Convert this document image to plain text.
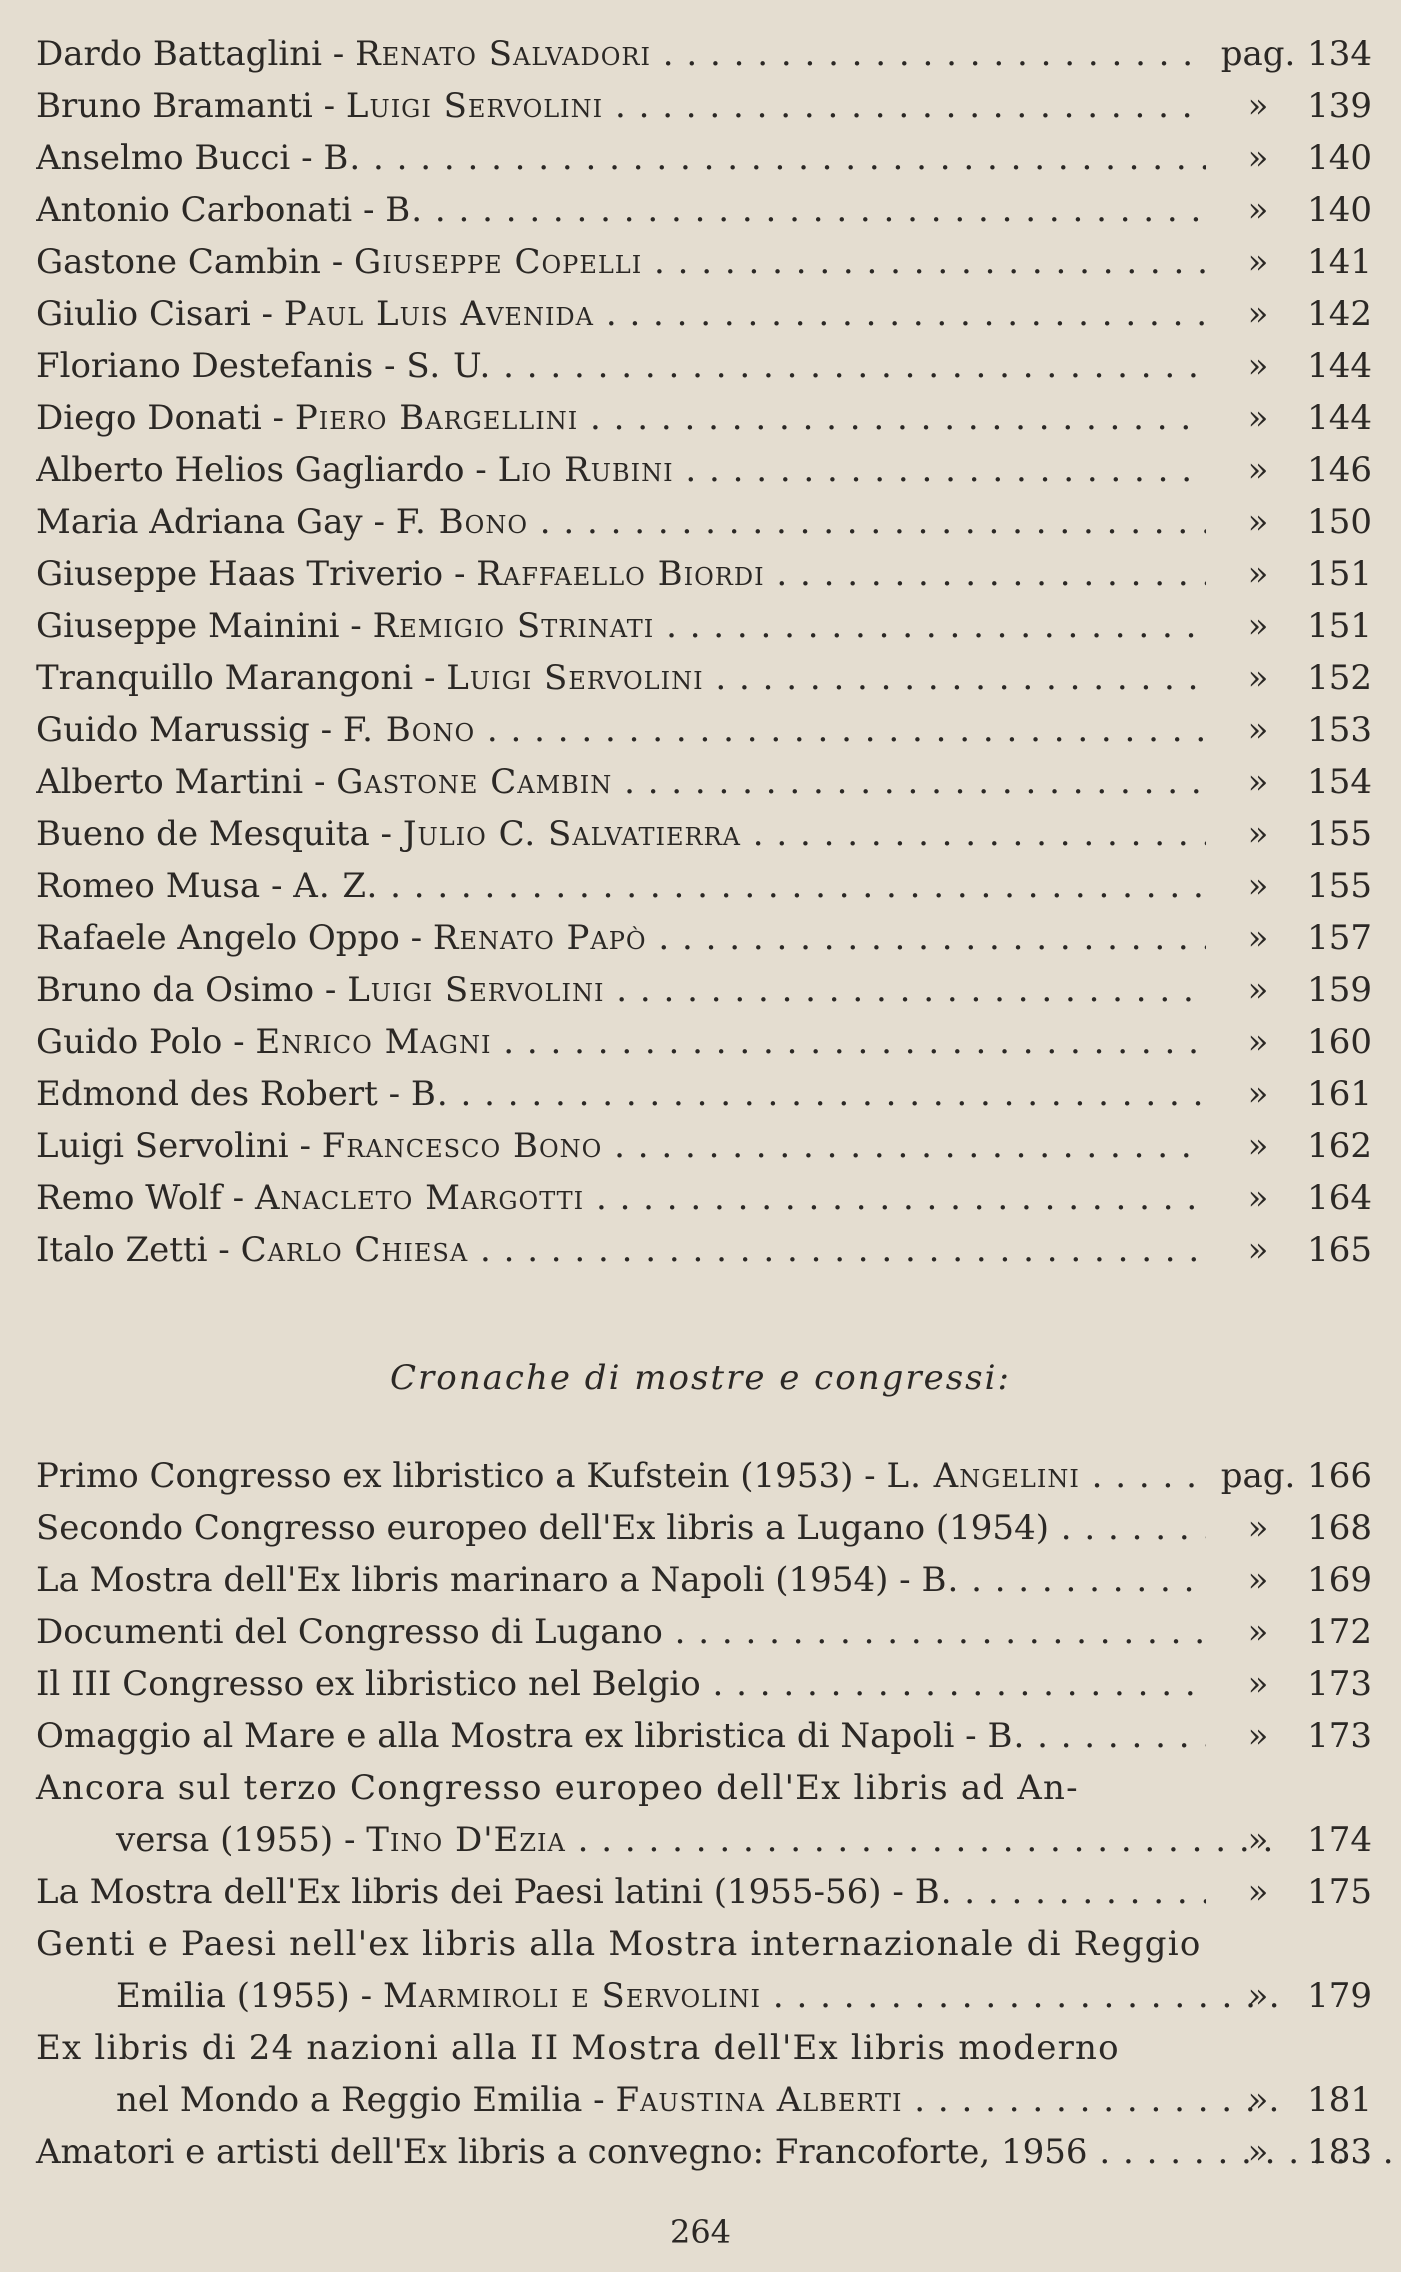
Dardo Battaglini - Renato Salvadori . .	pag. 134
Bruno Bramanti - Luigi Servolini . .	»	139
Anselmo Bucci - B. . .	»	140
Antonio Carbonati - B. . .	»	140
Gastone Cambin - Giuseppe Copelli . .	»	141
Giulio Cisari - Paul Luis Avenida . .	»	142
Floriano Destefanis - S. U. . .	»	144
Diego Donati - Piero Bargellini . .	»	144
Alberto Helios Gagliardo - Lio Rubini . .	»	146
Maria Adriana Gay - F. Bono . .	»	150
Giuseppe Haas Triverio - Raffaello Biordi . .	»	151
Giuseppe Mainini - Remigio Strinati . .	»	151
Tranquillo Marangoni - Luigi Servolini . .	»	152
Guido Marussig - F. Bono . .	»	153
Alberto Martini - Gastone Cambin . .	»	154
Bueno de Mesquita - Julio C. Salvatierra . .	»	155
Romeo Musa - A. Z. . .	»	155
Rafaele Angelo Oppo - Renato Papò . .	»	157
Bruno da Osimo - Luigi Servolini . .	»	159
Guido Polo - Enrico Magni . .	»	160
Edmond des Robert - B. . .	»	161
Luigi Servolini - Francesco Bono . .	»	162
Remo Wolf - Anacleto Margotti . .	»	164
Italo Zetti - Carlo Chiesa . .	»	165
Cronache di mostre e congressi:
Primo Congresso ex libristico a Kufstein (1953) - L. Angelini . .	pag. 166
Secondo Congresso europeo dell'Ex libris a Lugano (1954) . .	»	168
La Mostra dell'Ex libris marinaro a Napoli (1954) - B. . .	»	169
Documenti del Congresso di Lugano . .	»	172
Il III Congresso ex libristico nel Belgio . .	»	173
Omaggio al Mare e alla Mostra ex libristica di Napoli - B. . .	»	173
Ancora sul terzo Congresso europeo dell'Ex libris ad An-
versa (1955) - Tino D'Ezia . .	»	174
La Mostra dell'Ex libris dei Paesi latini (1955-56) - B. . .	»	175
Genti e Paesi nell'ex libris alla Mostra internazionale di Reggio
Emilia (1955) - Marmiroli e Servolini . .	»	179
Ex libris di 24 nazioni alla II Mostra dell'Ex libris moderno
nel Mondo a Reggio Emilia - Faustina Alberti . .	»	181
Amatori e artisti dell'Ex libris a convegno: Francoforte, 1956 . .	»	183
264
